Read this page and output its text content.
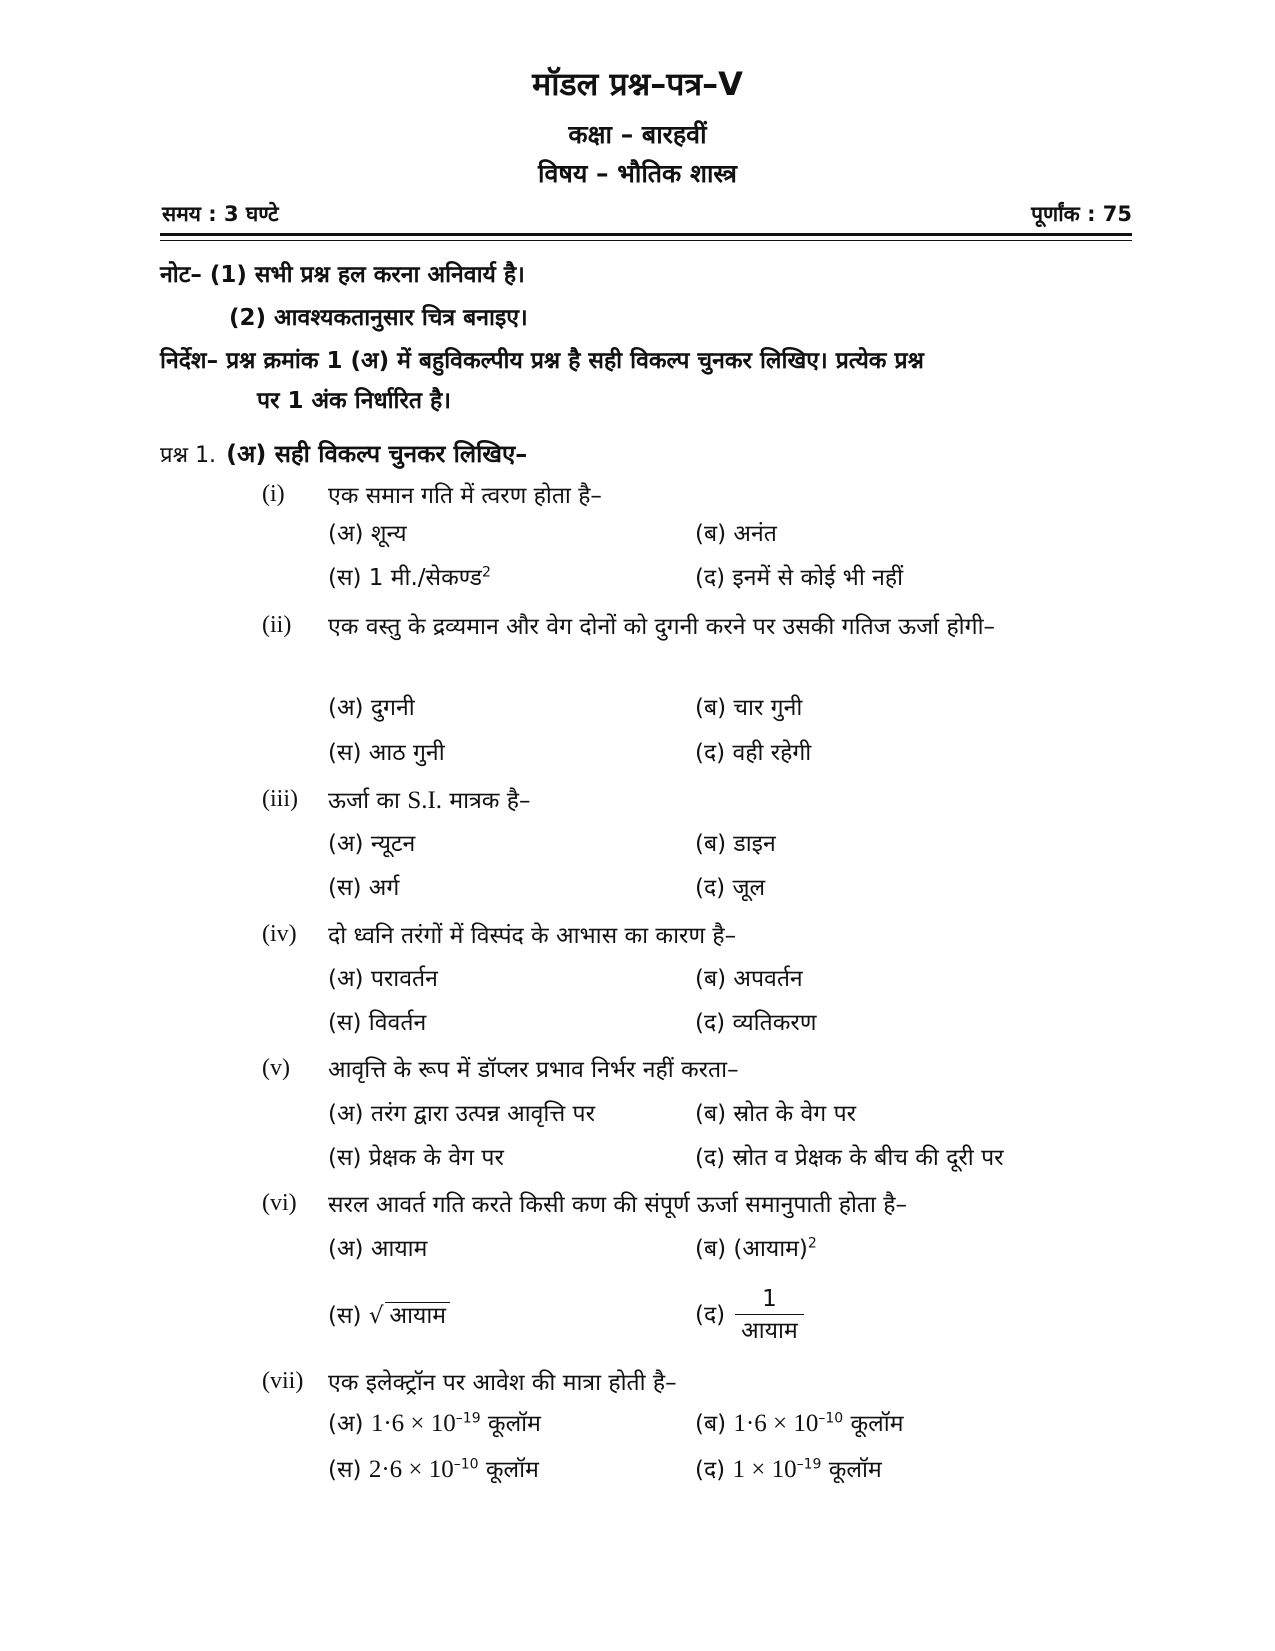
मॉडल प्रश्न–पत्र–V
कक्षा – बारहवीं
विषय – भौतिक शास्त्र
समय : 3 घण्टे	पूर्णांक : 75
नोट– (1) सभी प्रश्न हल करना अनिवार्य है।
(2) आवश्यकतानुसार चित्र बनाइए।
निर्देश– प्रश्न क्रमांक 1 (अ) में बहुविकल्पीय प्रश्न है सही विकल्प चुनकर लिखिए। प्रत्येक प्रश्न
पर 1 अंक निर्धारित है।
प्रश्न 1. (अ) सही विकल्प चुनकर लिखिए–
(i) एक समान गति में त्वरण होता है–
(अ) शून्य	(ब) अनंत
(स) 1 मी./सेकण्ड$^2$	(द) इनमें से कोई भी नहीं
(ii) एक वस्तु के द्रव्यमान और वेग दोनों को दुगनी करने पर उसकी गतिज ऊर्जा होगी–
(अ) दुगनी	(ब) चार गुनी
(स) आठ गुनी	(द) वही रहेगी
(iii) ऊर्जा का S.I. मात्रक है–
(अ) न्यूटन	(ब) डाइन
(स) अर्ग	(द) जूल
(iv) दो ध्वनि तरंगों में विस्पंद के आभास का कारण है–
(अ) परावर्तन	(ब) अपवर्तन
(स) विवर्तन	(द) व्यतिकरण
(v) आवृत्ति के रूप में डॉप्लर प्रभाव निर्भर नहीं करता–
(अ) तरंग द्वारा उत्पन्न आवृत्ति पर	(ब) स्रोत के वेग पर
(स) प्रेक्षक के वेग पर	(द) स्रोत व प्रेक्षक के बीच की दूरी पर
(vi) सरल आवर्त गति करते किसी कण की संपूर्ण ऊर्जा समानुपाती होता है–
(अ) आयाम	(ब) (आयाम)$^2$
(स) √ आयाम	(द) $\frac{1}{\text{आयाम}}$
(vii) एक इलेक्ट्रॉन पर आवेश की मात्रा होती है–
(अ) $1\cdot 6 \times 10^{-19}$ कूलॉम	(ब) $1\cdot 6 \times 10^{-10}$ कूलॉम
(स) $2\cdot 6 \times 10^{-10}$ कूलॉम	(द) $1 \times 10^{-19}$ कूलॉम
